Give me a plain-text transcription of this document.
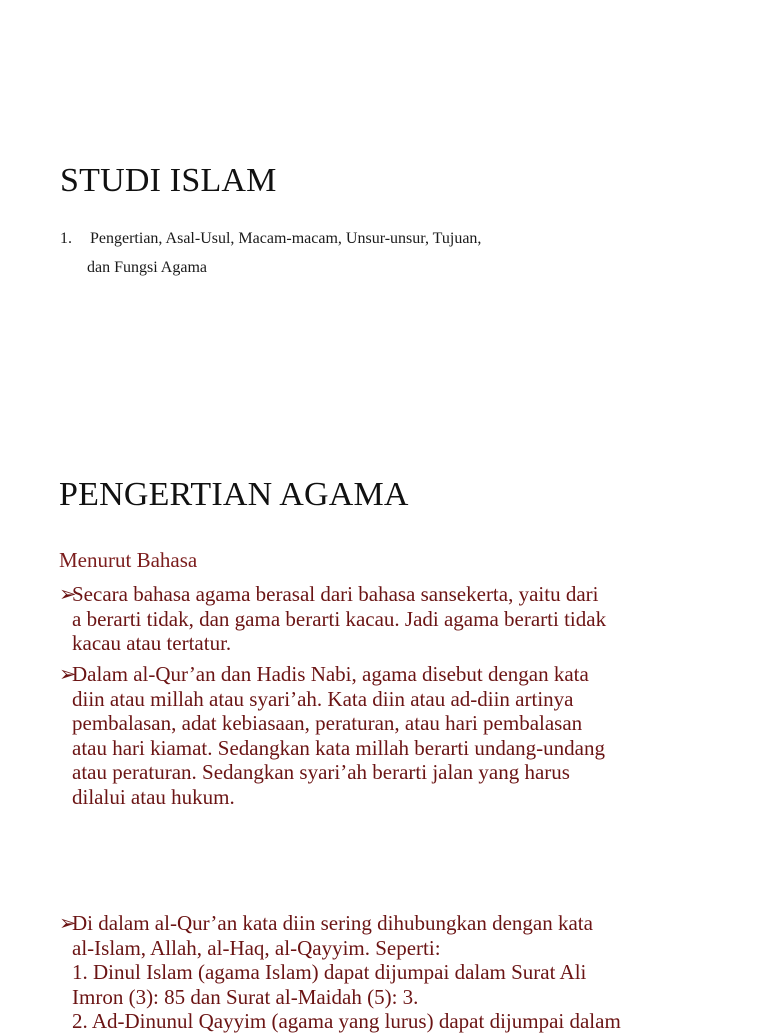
STUDI ISLAM
1. Pengertian, Asal-Usul, Macam-macam, Unsur-unsur, Tujuan,
dan Fungsi Agama
PENGERTIAN AGAMA
Menurut Bahasa
➢Secara bahasa agama berasal dari bahasa sansekerta, yaitu dari
a berarti tidak, dan gama berarti kacau. Jadi agama berarti tidak
kacau atau tertatur.
➢Dalam al-Qur’an dan Hadis Nabi, agama disebut dengan kata
diin atau millah atau syari’ah. Kata diin atau ad-diin artinya
pembalasan, adat kebiasaan, peraturan, atau hari pembalasan
atau hari kiamat. Sedangkan kata millah berarti undang-undang
atau peraturan. Sedangkan syari’ah berarti jalan yang harus
dilalui atau hukum.
➢Di dalam al-Qur’an kata diin sering dihubungkan dengan kata
al-Islam, Allah, al-Haq, al-Qayyim. Seperti:
1. Dinul Islam (agama Islam) dapat dijumpai dalam Surat Ali
Imron (3): 85 dan Surat al-Maidah (5): 3.
2. Ad-Dinunul Qayyim (agama yang lurus) dapat dijumpai dalam
